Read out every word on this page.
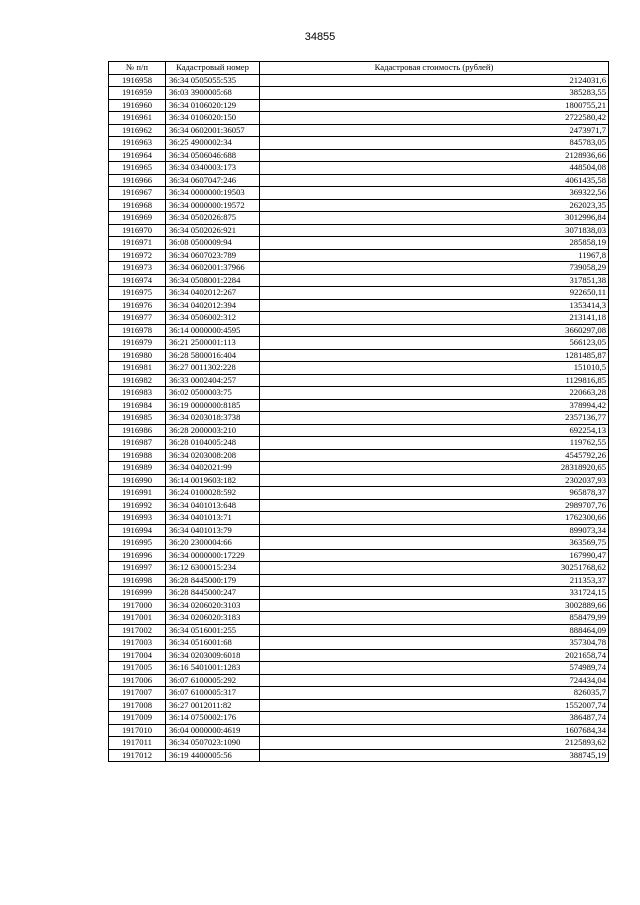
34855
№ п/п	Кадастровый номер	Кадастровая стоимость (рублей)
1916958	36:34 0505055:535	2124031,6
1916959	36:03 3900005:68	385283,55
1916960	36:34 0106020:129	1800755,21
1916961	36:34 0106020:150	2722580,42
1916962	36:34 0602001:36057	2473971,7
1916963	36:25 4900002:34	845783,05
1916964	36:34 0506046:688	2128936,66
1916965	36:34 0340003:173	448504,08
1916966	36:34 0607047:246	4061435,58
1916967	36:34 0000000:19503	369322,56
1916968	36:34 0000000:19572	262023,35
1916969	36:34 0502026:875	3012996,84
1916970	36:34 0502026:921	3071838,03
1916971	36:08 0500009:94	285858,19
1916972	36:34 0607023:789	11967,8
1916973	36:34 0602001:37966	739058,29
1916974	36:34 0508001:2284	317851,38
1916975	36:34 0402012:267	922650,11
1916976	36:34 0402012:394	1353414,3
1916977	36:34 0506002:312	213141,18
1916978	36:14 0000000:4595	3660297,08
1916979	36:21 2500001:113	566123,05
1916980	36:28 5800016:404	1281485,87
1916981	36:27 0011302:228	151010,5
1916982	36:33 0002404:257	1129816,85
1916983	36:02 0500003:75	220663,28
1916984	36:19 0000000:8185	378994,42
1916985	36:34 0203018:3738	2357136,77
1916986	36:28 2000003:210	692254,13
1916987	36:28 0104005:248	119762,55
1916988	36:34 0203008:208	4545792,26
1916989	36:34 0402021:99	28318920,65
1916990	36:14 0019603:182	2302037,93
1916991	36:24 0100028:592	965878,37
1916992	36:34 0401013:648	2989707,76
1916993	36:34 0401013:71	1762300,66
1916994	36:34 0401013:79	899073,34
1916995	36:20 2300004:66	363569,75
1916996	36:34 0000000:17229	167990,47
1916997	36:12 6300015:234	30251768,62
1916998	36:28 8445000:179	211353,37
1916999	36:28 8445000:247	331724,15
1917000	36:34 0206020:3103	3002889,66
1917001	36:34 0206020:3183	858479,99
1917002	36:34 0516001:255	888464,09
1917003	36:34 0516001:68	357304,78
1917004	36:34 0203009:6018	2021658,74
1917005	36:16 5401001:1283	574989,74
1917006	36:07 6100005:292	724434,04
1917007	36:07 6100005:317	826035,7
1917008	36:27 0012011:82	1552007,74
1917009	36:14 0750002:176	386487,74
1917010	36:04 0000000:4619	1607684,34
1917011	36:34 0507023:1090	2125893,62
1917012	36:19 4400005:56	388745,19
